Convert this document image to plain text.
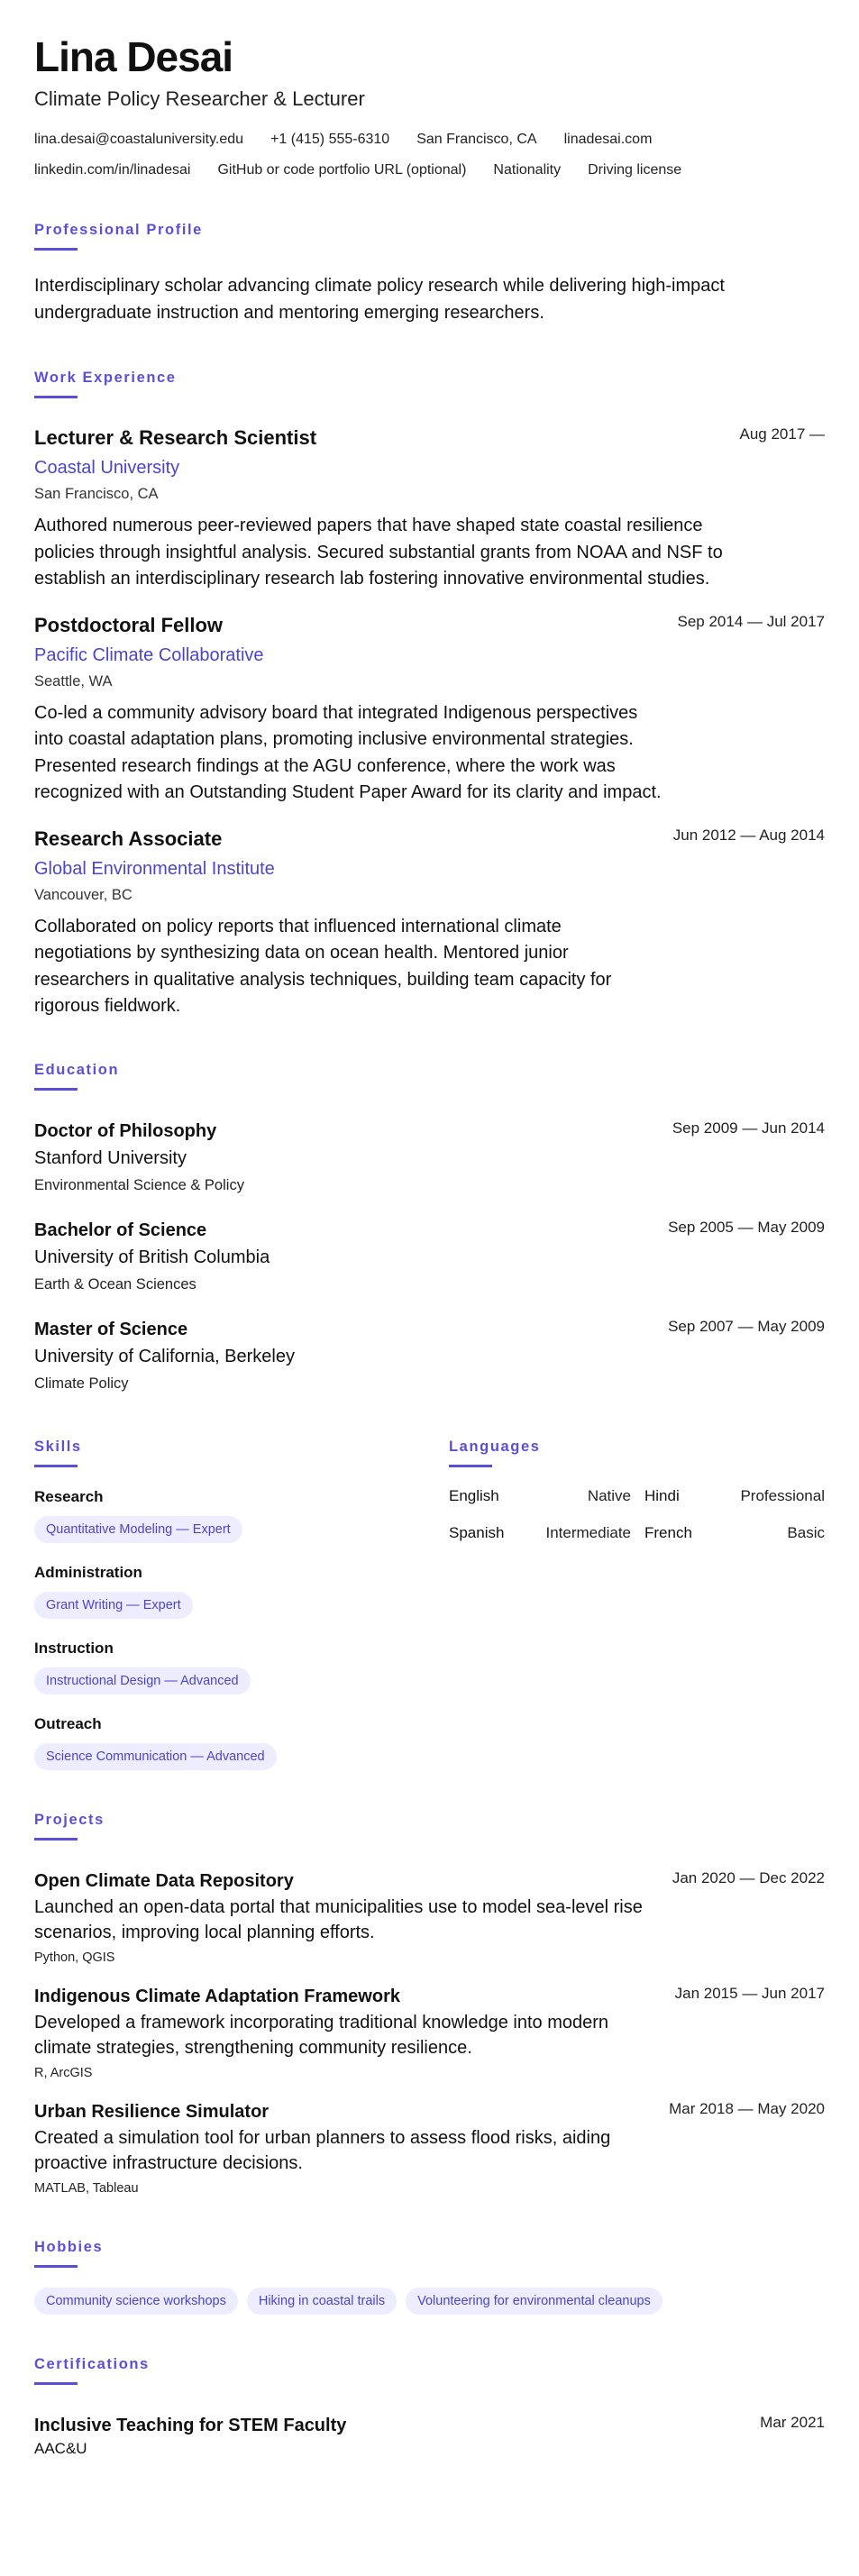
Lina Desai
Climate Policy Researcher & Lecturer
lina.desai@coastaluniversity.edu +1 (415) 555-6310 San Francisco, CA linadesai.com
linkedin.com/in/linadesai GitHub or code portfolio URL (optional) Nationality Driving license
Professional Profile
Interdisciplinary scholar advancing climate policy research while delivering high-impact undergraduate instruction and mentoring emerging researchers.
Work Experience
Lecturer & Research Scientist	Aug 2017 —
Coastal University
San Francisco, CA
Authored numerous peer-reviewed papers that have shaped state coastal resilience policies through insightful analysis. Secured substantial grants from NOAA and NSF to establish an interdisciplinary research lab fostering innovative environmental studies.
Postdoctoral Fellow	Sep 2014 — Jul 2017
Pacific Climate Collaborative
Seattle, WA
Co-led a community advisory board that integrated Indigenous perspectives into coastal adaptation plans, promoting inclusive environmental strategies. Presented research findings at the AGU conference, where the work was recognized with an Outstanding Student Paper Award for its clarity and impact.
Research Associate	Jun 2012 — Aug 2014
Global Environmental Institute
Vancouver, BC
Collaborated on policy reports that influenced international climate negotiations by synthesizing data on ocean health. Mentored junior researchers in qualitative analysis techniques, building team capacity for rigorous fieldwork.
Education
Doctor of Philosophy	Sep 2009 — Jun 2014
Stanford University
Environmental Science & Policy
Bachelor of Science	Sep 2005 — May 2009
University of British Columbia
Earth & Ocean Sciences
Master of Science	Sep 2007 — May 2009
University of California, Berkeley
Climate Policy
Skills
Research
Quantitative Modeling — Expert
Administration
Grant Writing — Expert
Instruction
Instructional Design — Advanced
Outreach
Science Communication — Advanced
Languages
English	Native Hindi	Professional
Spanish	Intermediate French	Basic
Projects
Open Climate Data Repository	Jan 2020 — Dec 2022
Launched an open-data portal that municipalities use to model sea-level rise scenarios, improving local planning efforts.
Python, QGIS
Indigenous Climate Adaptation Framework	Jan 2015 — Jun 2017
Developed a framework incorporating traditional knowledge into modern climate strategies, strengthening community resilience.
R, ArcGIS
Urban Resilience Simulator	Mar 2018 — May 2020
Created a simulation tool for urban planners to assess flood risks, aiding proactive infrastructure decisions.
MATLAB, Tableau
Hobbies
Community science workshops	Hiking in coastal trails	Volunteering for environmental cleanups
Certifications
Inclusive Teaching for STEM Faculty	Mar 2021
AAC&U
